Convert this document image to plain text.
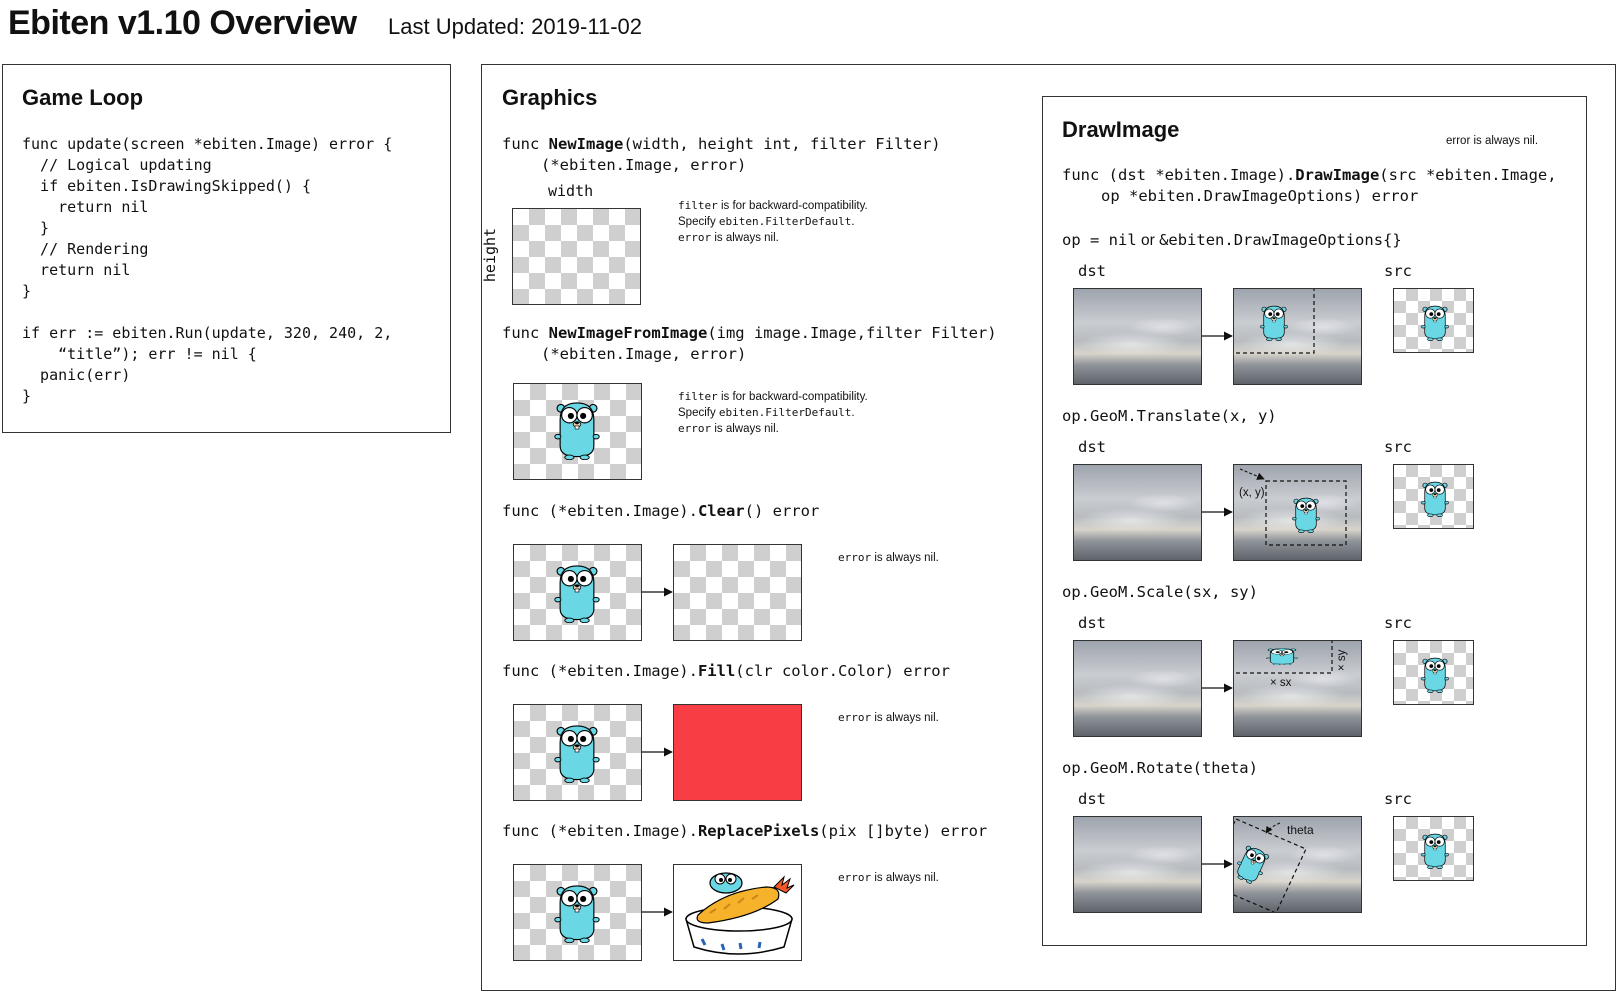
Ebiten v1.10 Overview Last Updated: 2019-11-02
Game Loop
func update(screen *ebiten.Image) error {
// Logical updating
if ebiten.IsDrawingSkipped() {
return nil
}
// Rendering
return nil
}

if err := ebiten.Run(update, 320, 240, 2,
“title”); err != nil {
panic(err)
}
Graphics
func NewImage(width, height int, filter Filter)
(*ebiten.Image, error)
width
height
filter is for backward-compatibility.
Specify ebiten.FilterDefault.
error is always nil.
func NewImageFromImage(img image.Image,filter Filter)
(*ebiten.Image, error)
filter is for backward-compatibility.
Specify ebiten.FilterDefault.
error is always nil.
func (*ebiten.Image).Clear() error
error is always nil.
func (*ebiten.Image).Fill(clr color.Color) error
error is always nil.
func (*ebiten.Image).ReplacePixels(pix []byte) error
error is always nil.
DrawImage	error is always nil.
func (dst *ebiten.Image).DrawImage(src *ebiten.Image,
op *ebiten.DrawImageOptions) error
op = nil or &ebiten.DrawImageOptions{}
dst	src
op.GeoM.Translate(x, y)
dst	src
(x, y)
op.GeoM.Scale(sx, sy)
dst	src
× sx
× sy
op.GeoM.Rotate(theta)
dst	src
theta
